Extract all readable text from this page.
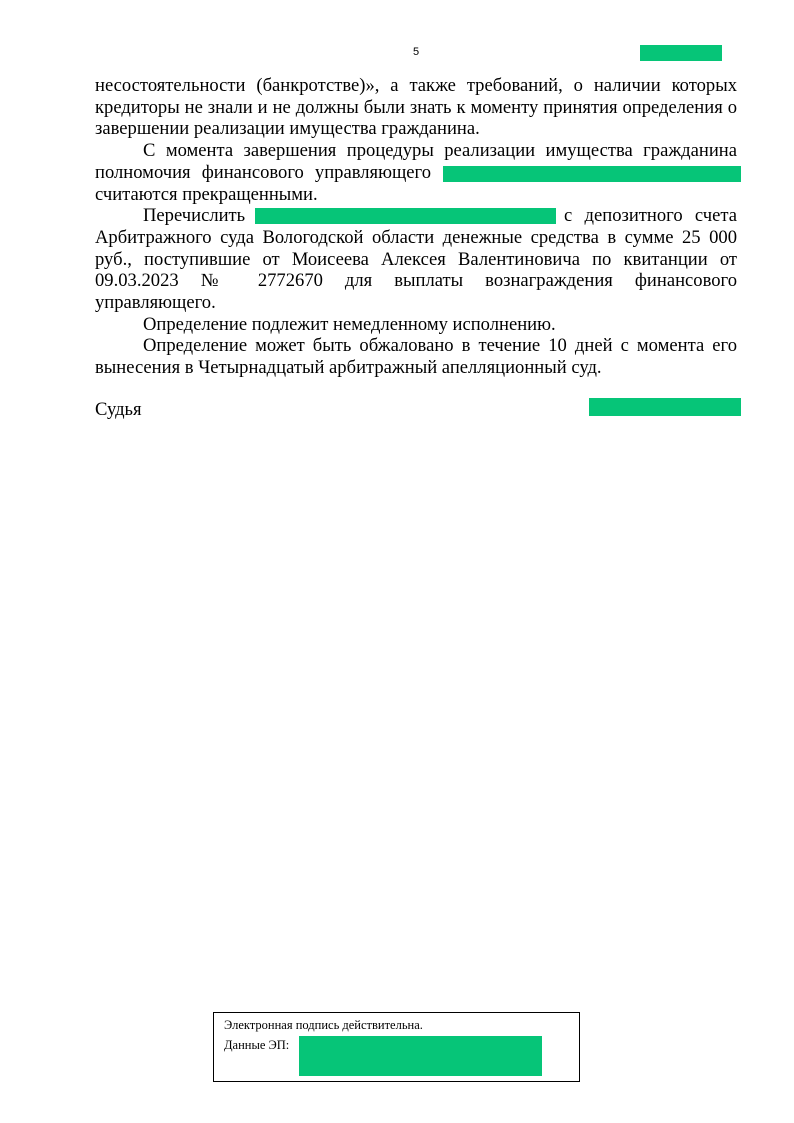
5

несостоятельности (банкротстве)», а также требований, о наличии которых кредиторы не знали и не должны были знать к моменту принятия определения о завершении реализации имущества гражданина.

С момента завершения процедуры реализации имущества гражданина
полномочия финансового управляющего
считаются прекращенными.
Перечислить	с депозитного счета

Арбитражного суда Вологодской области денежные средства в сумме 25 000 руб., поступившие от Моисеева Алексея Валентиновича по квитанции от 09.03.2023 № 2772670 для выплаты вознаграждения финансового управляющего.

Определение подлежит немедленному исполнению.

Определение может быть обжаловано в течение 10 дней с момента его вынесения в Четырнадцатый арбитражный апелляционный суд.

Судья
Электронная подпись действительна.
Данные ЭП:
